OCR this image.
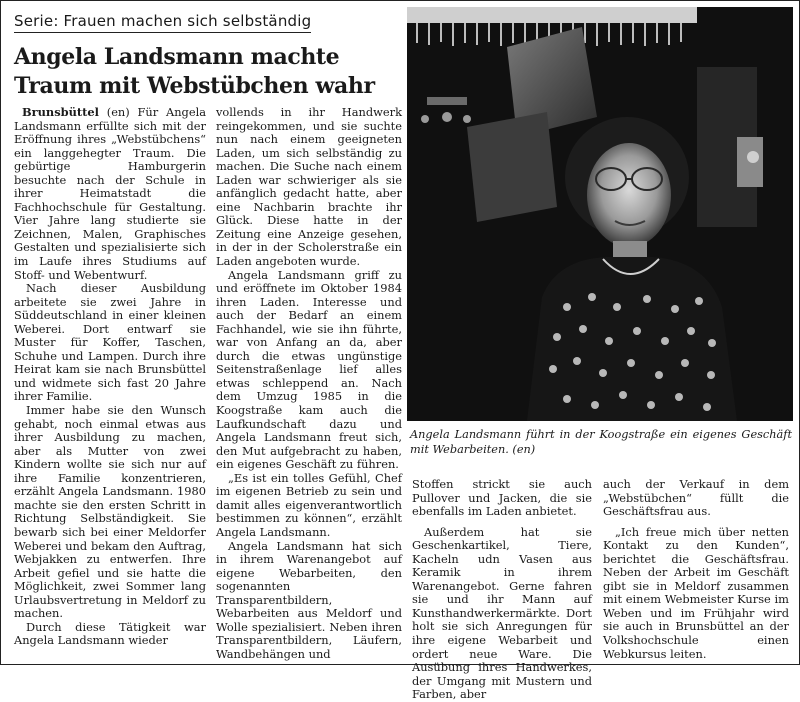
Serie: Frauen machen sich selbständig
Angela Landsmann machte
Traum mit Webstübchen wahr

Brunsbüttel (en) Für Angela Landsmann erfüllte sich mit der Eröffnung ihres „Webstübchens“ ein langgehegter Traum. Die gebürtige Hamburgerin besuchte nach der Schule in ihrer Heimatstadt die Fachhochschule für Gestaltung. Vier Jahre lang studierte sie Zeichnen, Malen, Graphisches Gestalten und spezialisierte sich im Laufe ihres Studiums auf Stoff- und Webentwurf.

Nach dieser Ausbildung arbeitete sie zwei Jahre in Süddeutschland in einer kleinen Weberei. Dort entwarf sie Muster für Koffer, Taschen, Schuhe und Lampen. Durch ihre Heirat kam sie nach Brunsbüttel und widmete sich fast 20 Jahre ihrer Familie.

Immer habe sie den Wunsch gehabt, noch einmal etwas aus ihrer Ausbildung zu machen, aber als Mutter von zwei Kindern wollte sie sich nur auf ihre Familie konzentrieren, erzählt Angela Landsmann. 1980 machte sie den ersten Schritt in Richtung Selbständigkeit. Sie bewarb sich bei einer Meldorfer Weberei und bekam den Auftrag, Webjakken zu entwerfen. Ihre Arbeit gefiel und sie hatte die Möglichkeit, zwei Sommer lang Urlaubsvertretung in Meldorf zu machen.

Durch diese Tätigkeit war Angela Landsmann wieder

vollends in ihr Handwerk reingekommen, und sie suchte nun nach einem geeigneten Laden, um sich selbständig zu machen. Die Suche nach einem Laden war schwieriger als sie anfänglich gedacht hatte, aber eine Nachbarin brachte ihr Glück. Diese hatte in der Zeitung eine Anzeige gesehen, in der in der Scholerstraße ein Laden angeboten wurde.

Angela Landsmann griff zu und eröffnete im Oktober 1984 ihren Laden. Interesse und auch der Bedarf an einem Fachhandel, wie sie ihn führte, war von Anfang an da, aber durch die etwas ungünstige Seitenstraßenlage lief alles etwas schleppend an. Nach dem Umzug 1985 in die Koogstraße kam auch die Laufkundschaft dazu und Angela Landsmann freut sich, den Mut aufgebracht zu haben, ein eigenes Geschäft zu führen.

„Es ist ein tolles Gefühl, Chef im eigenen Betrieb zu sein und damit alles eigenverantwortlich bestimmen zu können“, erzählt Angela Landsmann.

Angela Landsmann hat sich in ihrem Warenangebot auf eigene Webarbeiten, den sogenannten Transparentbildern, Webarbeiten aus Meldorf und Wolle spezialisiert. Neben ihren Transparentbildern, Läufern, Wandbehängen und

Angela Landsmann führt in der Koogstraße ein eigenes Geschäft mit Webarbeiten. (en)

Stoffen strickt sie auch Pullover und Jacken, die sie ebenfalls im Laden anbietet.

Außerdem hat sie Geschenkartikel, Tiere, Kacheln udn Vasen aus Keramik in ihrem Warenangebot. Gerne fahren sie und ihr Mann auf Kunsthandwerkermärkte. Dort holt sie sich Anregungen für ihre eigene Webarbeit und ordert neue Ware. Die Ausübung ihres Handwerkes, der Umgang mit Mustern und Farben, aber

auch der Verkauf in dem „Webstübchen“ füllt die Geschäftsfrau aus.

„Ich freue mich über netten Kontakt zu den Kunden“, berichtet die Geschäftsfrau. Neben der Arbeit im Geschäft gibt sie in Meldorf zusammen mit einem Webmeister Kurse im Weben und im Frühjahr wird sie auch in Brunsbüttel an der Volkshochschule einen Webkursus leiten.
